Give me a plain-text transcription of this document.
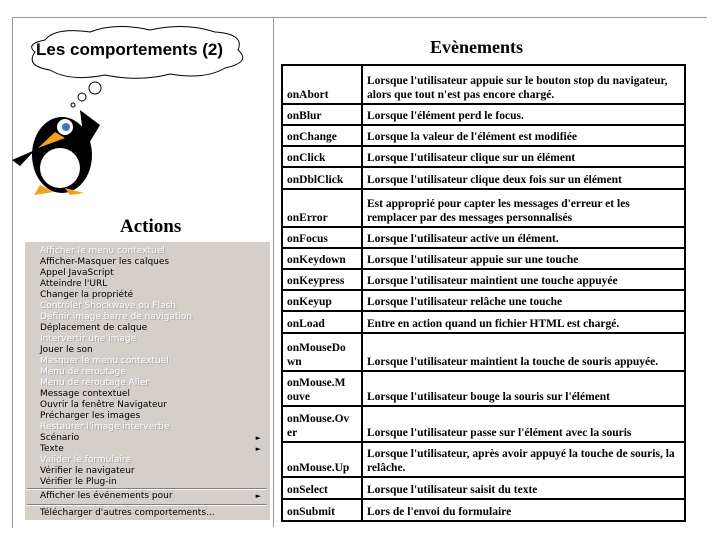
Les comportements (2)	Evènements
Actions
Afficher le menu contextuel
Afficher-Masquer les calques
Appel JavaScript
Atteindre l'URL
Changer la propriété
Contrôler Shockwave ou Flash
Définir image barre de navigation
Déplacement de calque
Intervertir une image
Jouer le son
Masquer le menu contextuel
Menu de reroutage
Menu de reroutage Aller
Message contextuel
Ouvrir la fenêtre Navigateur
Précharger les images
Restaurer l'image intervertie
Scénario	►
Texte	►
Valider le formulaire
Vérifier le navigateur
Vérifier le Plug-in
Afficher les événements pour	►
Télécharger d'autres comportements...
onAbort	Lorsque l'utilisateur appuie sur le bouton stop du navigateur, alors que tout n'est pas encore chargé.
onBlur	Lorsque l'élément perd le focus.
onChange	Lorsque la valeur de l'élément est modifiée
onClick	Lorsque l'utilisateur clique sur un élément
onDblClick	Lorsque l'utilisateur clique deux fois sur un élément
onError	Est approprié pour capter les messages d'erreur et les remplacer par des messages personnalisés
onFocus	Lorsque l'utilisateur active un élément.
onKeydown	Lorsque l'utilisateur appuie sur une touche
onKeypress	Lorsque l'utilisateur maintient une touche appuyée
onKeyup	Lorsque l'utilisateur relâche une touche
onLoad	Entre en action quand un fichier HTML est chargé.
onMouseDo wn	Lorsque l'utilisateur maintient la touche de souris appuyée.
onMouse.M ouve	Lorsque l'utilisateur bouge la souris sur l'élément
onMouse.Ov er	Lorsque l'utilisateur passe sur l'élément avec la souris
onMouse.Up	Lorsque l'utilisateur, après avoir appuyé la touche de souris, la relâche.
onSelect	Lorsque l'utilisateur saisit du texte
onSubmit	Lors de l'envoi du formulaire
